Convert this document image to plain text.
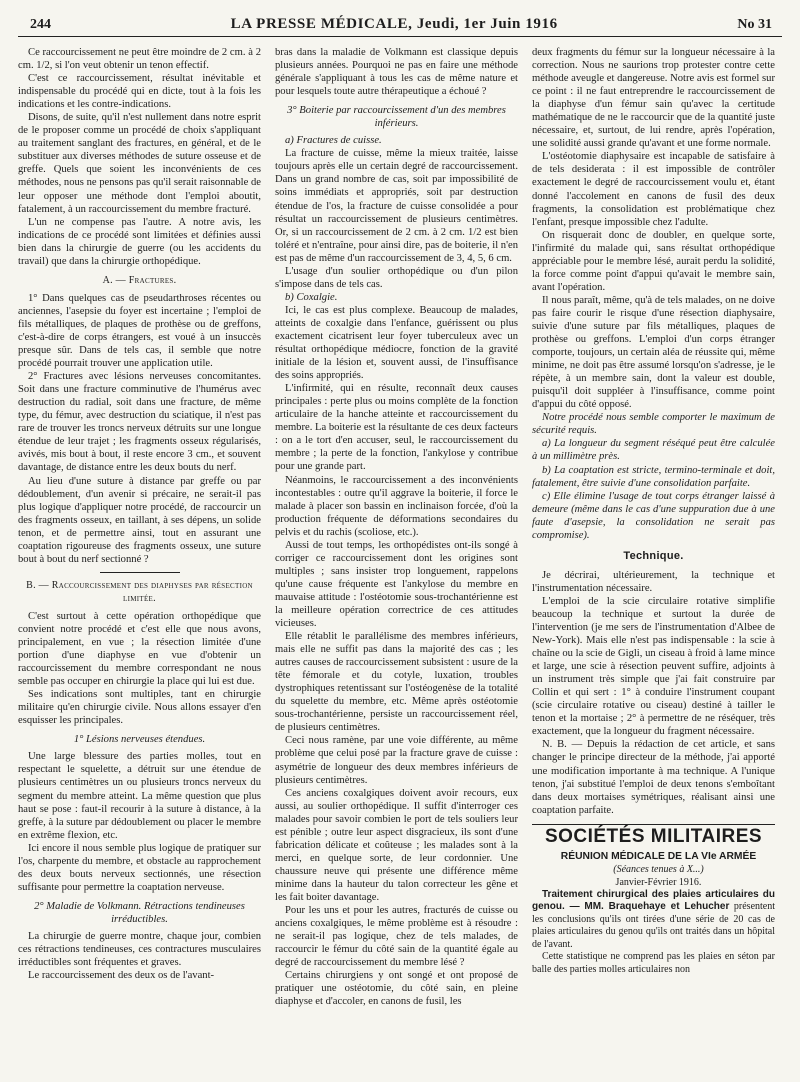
244	LA PRESSE MÉDICALE, Jeudi, 1er Juin 1916	No 31

Ce raccourcissement ne peut être moindre de 2 cm. à 2 cm. 1/2, si l'on veut obtenir un tenon effectif.

C'est ce raccourcissement, résultat inévitable et indispensable du procédé qui en dicte, tout à la fois les indications et les contre-indications.

Disons, de suite, qu'il n'est nullement dans notre esprit de le proposer comme un procédé de choix s'appliquant au traitement sanglant des fractures, en général, et de le substituer aux diverses méthodes de suture osseuse et de greffe. Quels que soient les inconvénients de ces méthodes, nous ne pensons pas qu'il serait raisonnable de leur opposer une méthode dont l'emploi aboutit, fatalement, à un raccourcissement du membre fracturé.

L'un ne compense pas l'autre. A notre avis, les indications de ce procédé sont limitées et définies aussi bien dans la chirurgie de guerre (ou les accidents du travail) que dans la chirurgie orthopédique.

A. — Fractures.

1° Dans quelques cas de pseudarthroses récentes ou anciennes, l'asepsie du foyer est incertaine ; l'emploi de fils métalliques, de plaques de prothèse ou de greffons, c'est-à-dire de corps étrangers, est voué à un insuccès presque sûr. Dans de tels cas, il semble que notre procédé pourrait trouver une application utile.

2° Fractures avec lésions nerveuses concomitantes. Soit dans une fracture comminutive de l'humérus avec destruction du radial, soit dans une fracture, de même type, du fémur, avec destruction du sciatique, il n'est pas rare de trouver les troncs nerveux détruits sur une longue étendue de leur trajet ; les fragments osseux régularisés, avivés, mis bout à bout, il reste encore 3 cm., et souvent davantage, de distance entre les deux bouts du nerf.

Au lieu d'une suture à distance par greffe ou par dédoublement, d'un avenir si précaire, ne serait-il pas plus logique d'appliquer notre procédé, de raccourcir un des fragments osseux, en taillant, à ses dépens, un solide tenon, et de permettre ainsi, tout en assurant une coaptation rigoureuse des fragments osseux, une suture bout à bout du nerf sectionné ?

B. — Raccourcissement des diaphyses par résection limitée.

C'est surtout à cette opération orthopédique que convient notre procédé et c'est elle que nous avons, principalement, en vue ; la résection limitée d'une portion d'une diaphyse en vue d'obtenir un raccourcissement du membre correspondant ne nous semble pas occuper en chirurgie la place qui lui est due.

Ses indications sont multiples, tant en chirurgie militaire qu'en chirurgie civile. Nous allons essayer d'en esquisser les principales.

1° Lésions nerveuses étendues.

Une large blessure des parties molles, tout en respectant le squelette, a détruit sur une étendue de plusieurs centimètres un ou plusieurs troncs nerveux du segment du membre atteint. La même question que plus haut se pose : faut-il recourir à la suture à distance, à la greffe, à la suture par dédoublement ou placer le membre en extrême flexion, etc.

Ici encore il nous semble plus logique de pratiquer sur l'os, charpente du membre, et obstacle au rapprochement des deux bouts nerveux sectionnés, une résection suffisante pour permettre la coaptation nerveuse.

2° Maladie de Volkmann. Rétractions tendineuses irréductibles.

La chirurgie de guerre montre, chaque jour, combien ces rétractions tendineuses, ces contractures musculaires irréductibles sont fréquentes et graves.

Le raccourcissement des deux os de l'avant-

bras dans la maladie de Volkmann est classique depuis plusieurs années. Pourquoi ne pas en faire une méthode générale s'appliquant à tous les cas de même nature et pour lesquels toute autre thérapeutique a échoué ?

3° Boiterie par raccourcissement d'un des membres inférieurs.

a) Fractures de cuisse.

La fracture de cuisse, même la mieux traitée, laisse toujours après elle un certain degré de raccourcissement. Dans un grand nombre de cas, soit par impossibilité de soins immédiats et appropriés, soit par destruction étendue de l'os, la fracture de cuisse consolidée a pour résultat un raccourcissement de plusieurs centimètres. Or, si un raccourcissement de 2 cm. à 2 cm. 1/2 est bien toléré et n'entraîne, pour ainsi dire, pas de boiterie, il n'en est pas de même d'un raccourcissement de 3, 4, 5, 6 cm.

L'usage d'un soulier orthopédique ou d'un pilon s'impose dans de tels cas.

b) Coxalgie.

Ici, le cas est plus complexe. Beaucoup de malades, atteints de coxalgie dans l'enfance, guérissent ou plus exactement cicatrisent leur foyer tuberculeux avec un résultat orthopédique médiocre, fonction de la gravité initiale de la lésion et, souvent aussi, de l'insuffisance des soins appropriés.

L'infirmité, qui en résulte, reconnaît deux causes principales : perte plus ou moins complète de la fonction articulaire de la hanche atteinte et raccourcissement du membre. La boiterie est la résultante de ces deux facteurs : on a le tort d'en accuser, seul, le raccourcissement du membre ; la perte de la fonction, l'ankylose y contribue pour une grande part.

Néanmoins, le raccourcissement a des inconvénients incontestables : outre qu'il aggrave la boiterie, il force le malade à placer son bassin en inclinaison forcée, d'où la production fréquente de déformations secondaires du pelvis et du rachis (scoliose, etc.).

Aussi de tout temps, les orthopédistes ont-ils songé à corriger ce raccourcissement dont les origines sont multiples ; sans insister trop longuement, rappelons qu'une cause fréquente est l'ankylose du membre en mauvaise attitude : l'ostéotomie sous-trochantérienne est la meilleure opération correctrice de ces attitudes vicieuses.

Elle rétablit le parallélisme des membres inférieurs, mais elle ne suffit pas dans la majorité des cas ; les autres causes de raccourcissement subsistent : usure de la tête fémorale et du cotyle, luxation, troubles dystrophiques retentissant sur l'ostéogenèse de la totalité du squelette du membre, etc. Même après ostéotomie sous-trochantérienne, persiste un raccourcissement réel, de plusieurs centimètres.

Ceci nous ramène, par une voie différente, au même problème que celui posé par la fracture grave de cuisse : asymétrie de longueur des deux membres inférieurs de plusieurs centimètres.

Ces anciens coxalgiques doivent avoir recours, eux aussi, au soulier orthopédique. Il suffit d'interroger ces malades pour savoir combien le port de tels souliers leur est pénible ; outre leur aspect disgracieux, ils sont d'une fabrication délicate et coûteuse ; les malades sont à la merci, en quelque sorte, de leur cordonnier. Une chaussure neuve qui présente une différence même minime dans la hauteur du talon correcteur les gêne et les fait boiter davantage.

Pour les uns et pour les autres, fracturés de cuisse ou anciens coxalgiques, le même problème est à résoudre : ne serait-il pas logique, chez de tels malades, de raccourcir le fémur du côté sain de la quantité égale au degré de raccourcissement du membre lésé ?

Certains chirurgiens y ont songé et ont proposé de pratiquer une ostéotomie, du côté sain, en pleine diaphyse et d'accoler, en canons de fusil, les

deux fragments du fémur sur la longueur nécessaire à la correction. Nous ne saurions trop protester contre cette méthode aveugle et dangereuse. Notre avis est formel sur ce point : il ne faut entreprendre le raccourcissement de la diaphyse d'un fémur sain qu'avec la certitude mathématique de ne le raccourcir que de la quantité juste nécessaire, et, surtout, de lui rendre, après l'opération, une solidité aussi grande qu'avant et une forme normale.

L'ostéotomie diaphysaire est incapable de satisfaire à de tels desiderata : il est impossible de contrôler exactement le degré de raccourcissement voulu et, étant donné l'accolement en canons de fusil des deux fragments, la consolidation est problématique chez l'enfant, presque impossible chez l'adulte.

On risquerait donc de doubler, en quelque sorte, l'infirmité du malade qui, sans résultat orthopédique appréciable pour le membre lésé, aurait perdu la solidité, la force comme point d'appui qu'avait le membre sain, avant l'opération.

Il nous paraît, même, qu'à de tels malades, on ne doive pas faire courir le risque d'une résection diaphysaire, suivie d'une suture par fils métalliques, plaques de prothèse ou greffons. L'emploi d'un corps étranger comporte, toujours, un certain aléa de réussite qui, même minime, ne doit pas être assumé lorsqu'on s'adresse, je le répète, à un membre sain, dont la valeur est double, puisqu'il doit suppléer à l'insuffisance, comme point d'appui du côté opposé.

Notre procédé nous semble comporter le maximum de sécurité requis.

a) La longueur du segment réséqué peut être calculée à un millimètre près.

b) La coaptation est stricte, termino-terminale et doit, fatalement, être suivie d'une consolidation parfaite.

c) Elle élimine l'usage de tout corps étranger laissé à demeure (même dans le cas d'une suppuration due à une faute d'asepsie, la consolidation ne serait pas compromise).

Technique.

Je décrirai, ultérieurement, la technique et l'instrumentation nécessaire.

L'emploi de la scie circulaire rotative simplifie beaucoup la technique et surtout la durée de l'intervention (je me sers de l'instrumentation d'Albee de New-York). Mais elle n'est pas indispensable : la scie à chaîne ou la scie de Gigli, un ciseau à froid à lame mince et large, une scie à résection peuvent suffire, adjoints à un instrument très simple que j'ai fait construire par Collin et qui sert : 1° à conduire l'instrument coupant (scie circulaire rotative ou ciseau) destiné à tailler le tenon et la mortaise ; 2° à permettre de ne réséquer, très exactement, que la longueur du fragment nécessaire.

N. B. — Depuis la rédaction de cet article, et sans changer le principe directeur de la méthode, j'ai apporté une modification importante à ma technique. A l'unique tenon, j'ai substitué l'emploi de deux tenons s'emboîtant dans deux mortaises symétriques, réalisant ainsi une coaptation parfaite.

SOCIÉTÉS MILITAIRES

RÉUNION MÉDICALE DE LA VIe ARMÉE

(Séances tenues à X...)

Janvier-Février 1916.

Traitement chirurgical des plaies articulaires du genou. — MM. Braquehaye et Lehucher présentent les conclusions qu'ils ont tirées d'une série de 20 cas de plaies articulaires du genou qu'ils ont traités dans un hôpital de l'avant.

Cette statistique ne comprend pas les plaies en séton par balle des parties molles articulaires non
